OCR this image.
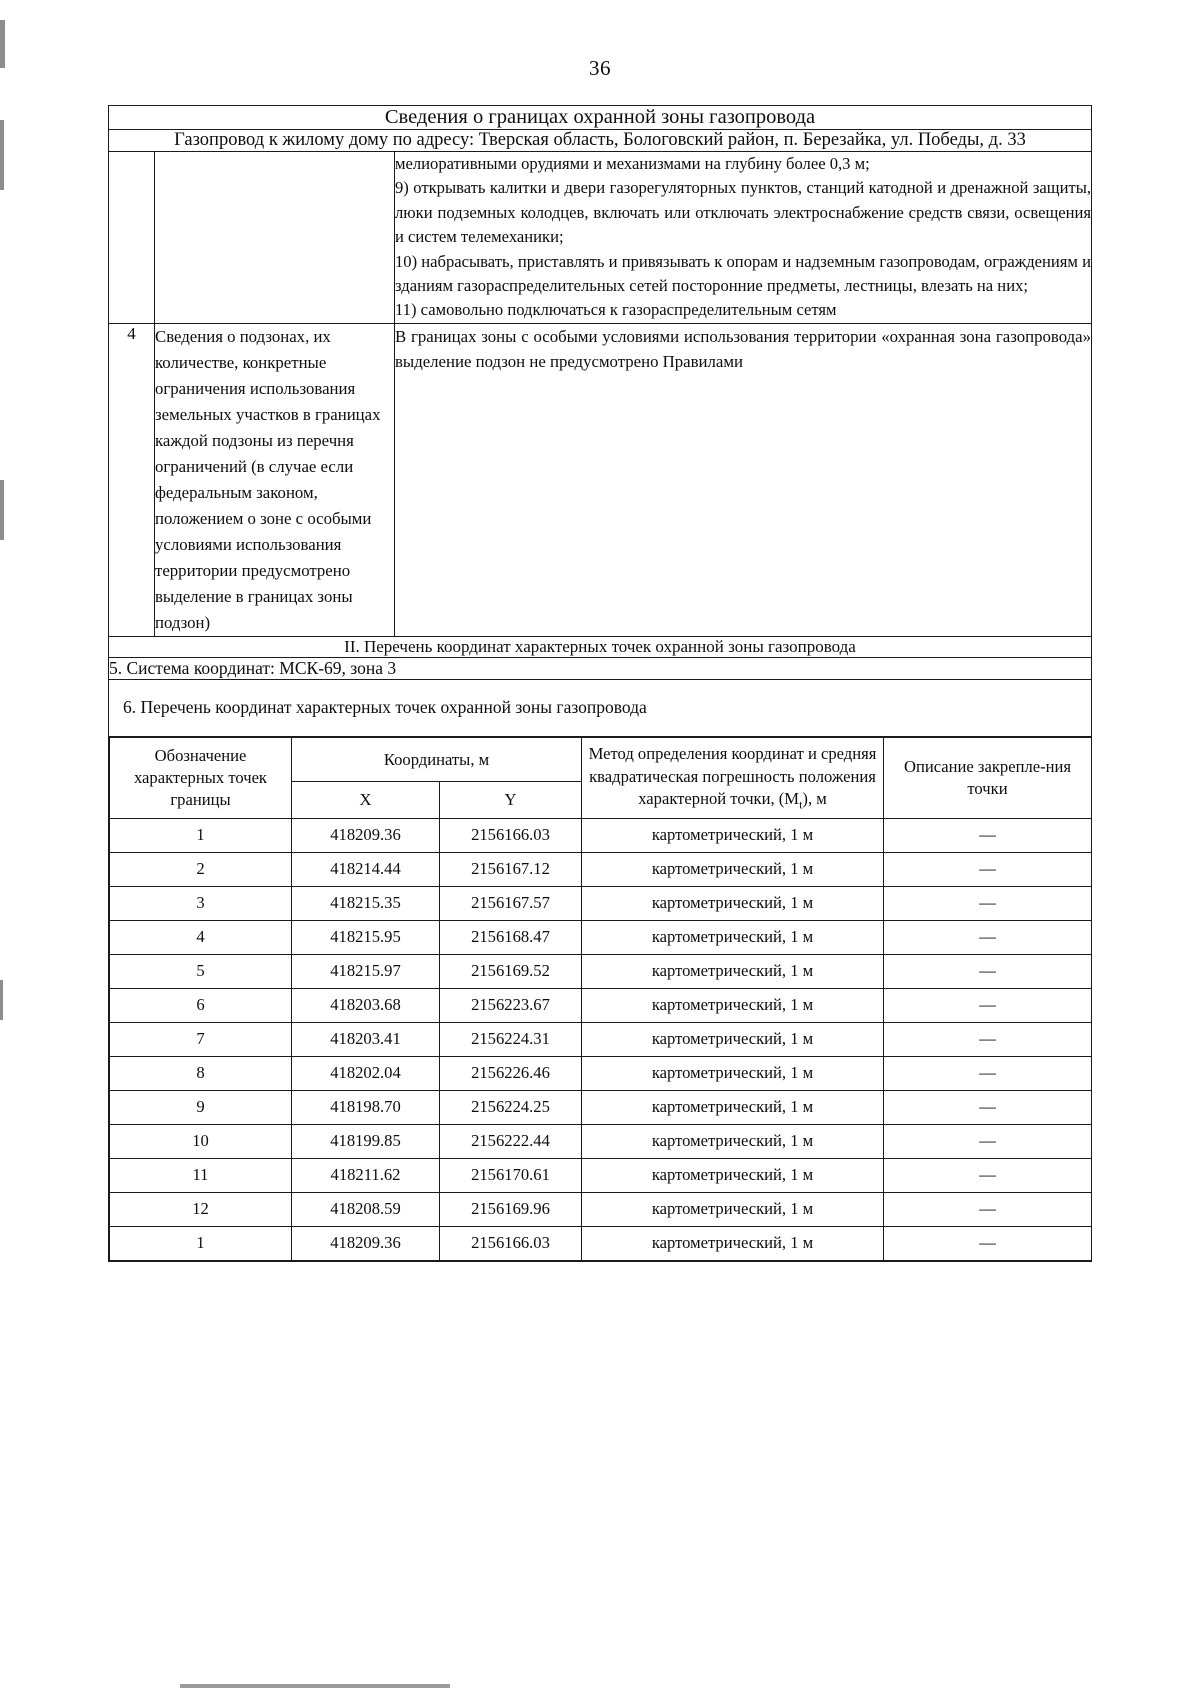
36
Сведения о границах охранной зоны газопровода
Газопровод к жилому дому по адресу: Тверская область, Бологовский район, п. Березайка, ул. Победы, д. 33

мелиоративными орудиями и механизмами на глубину более 0,3 м;

9) открывать калитки и двери газорегуляторных пунктов, станций катодной и дренажной защиты, люки подземных колодцев, включать или отключать электроснабжение средств связи, освещения и систем телемеханики;

10) набрасывать, приставлять и привязывать к опорам и надземным газопроводам, ограждениям и зданиям газораспределительных сетей посторонние предметы, лестницы, влезать на них;

11) самовольно подключаться к газораспределительным сетям

4	Сведения о подзонах, их количестве, конкретные ограничения использования земельных участков в границах каждой подзоны из перечня ограничений (в случае если федеральным законом, положением о зоне с особыми условиями использования территории предусмотрено выделение в границах зоны подзон)	В границах зоны с особыми условиями использования территории «охранная зона газопровода» выделение подзон не предусмотрено Правилами
II. Перечень координат характерных точек охранной зоны газопровода
5. Система координат: МСК-69, зона 3
6. Перечень координат характерных точек охранной зоны газопровода

Обозначение характерных точек границы	Координаты, м	Метод определения координат и средняя квадратическая погрешность положения характерной точки, $(M_t)$, м	Описание закрепле-ния точки
X	Y
1	418209.36	2156166.03	картометрический, 1 м	—
2	418214.44	2156167.12	картометрический, 1 м	—
3	418215.35	2156167.57	картометрический, 1 м	—
4	418215.95	2156168.47	картометрический, 1 м	—
5	418215.97	2156169.52	картометрический, 1 м	—
6	418203.68	2156223.67	картометрический, 1 м	—
7	418203.41	2156224.31	картометрический, 1 м	—
8	418202.04	2156226.46	картометрический, 1 м	—
9	418198.70	2156224.25	картометрический, 1 м	—
10	418199.85	2156222.44	картометрический, 1 м	—
11	418211.62	2156170.61	картометрический, 1 м	—
12	418208.59	2156169.96	картометрический, 1 м	—
1	418209.36	2156166.03	картометрический, 1 м	—
